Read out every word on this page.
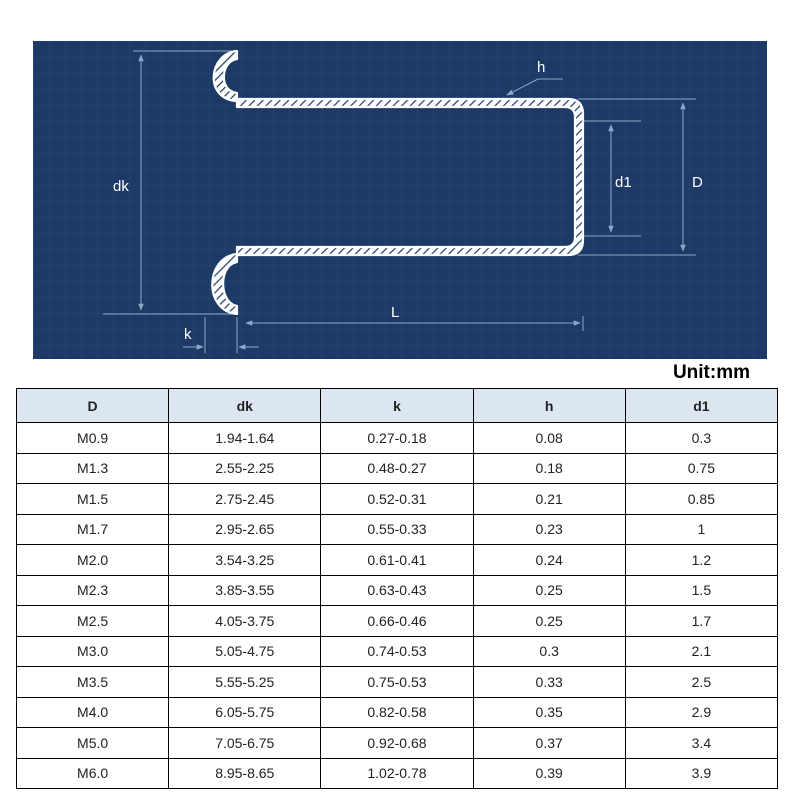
dk
k
h
L
d1	D
Unit:mm
D	dk	k	h	d1
M0.9	1.94-1.64	0.27-0.18	0.08	0.3
M1.3	2.55-2.25	0.48-0.27	0.18	0.75
M1.5	2.75-2.45	0.52-0.31	0.21	0.85
M1.7	2.95-2.65	0.55-0.33	0.23	1
M2.0	3.54-3.25	0.61-0.41	0.24	1.2
M2.3	3.85-3.55	0.63-0.43	0.25	1.5
M2.5	4.05-3.75	0.66-0.46	0.25	1.7
M3.0	5.05-4.75	0.74-0.53	0.3	2.1
M3.5	5.55-5.25	0.75-0.53	0.33	2.5
M4.0	6.05-5.75	0.82-0.58	0.35	2.9
M5.0	7.05-6.75	0.92-0.68	0.37	3.4
M6.0	8.95-8.65	1.02-0.78	0.39	3.9
